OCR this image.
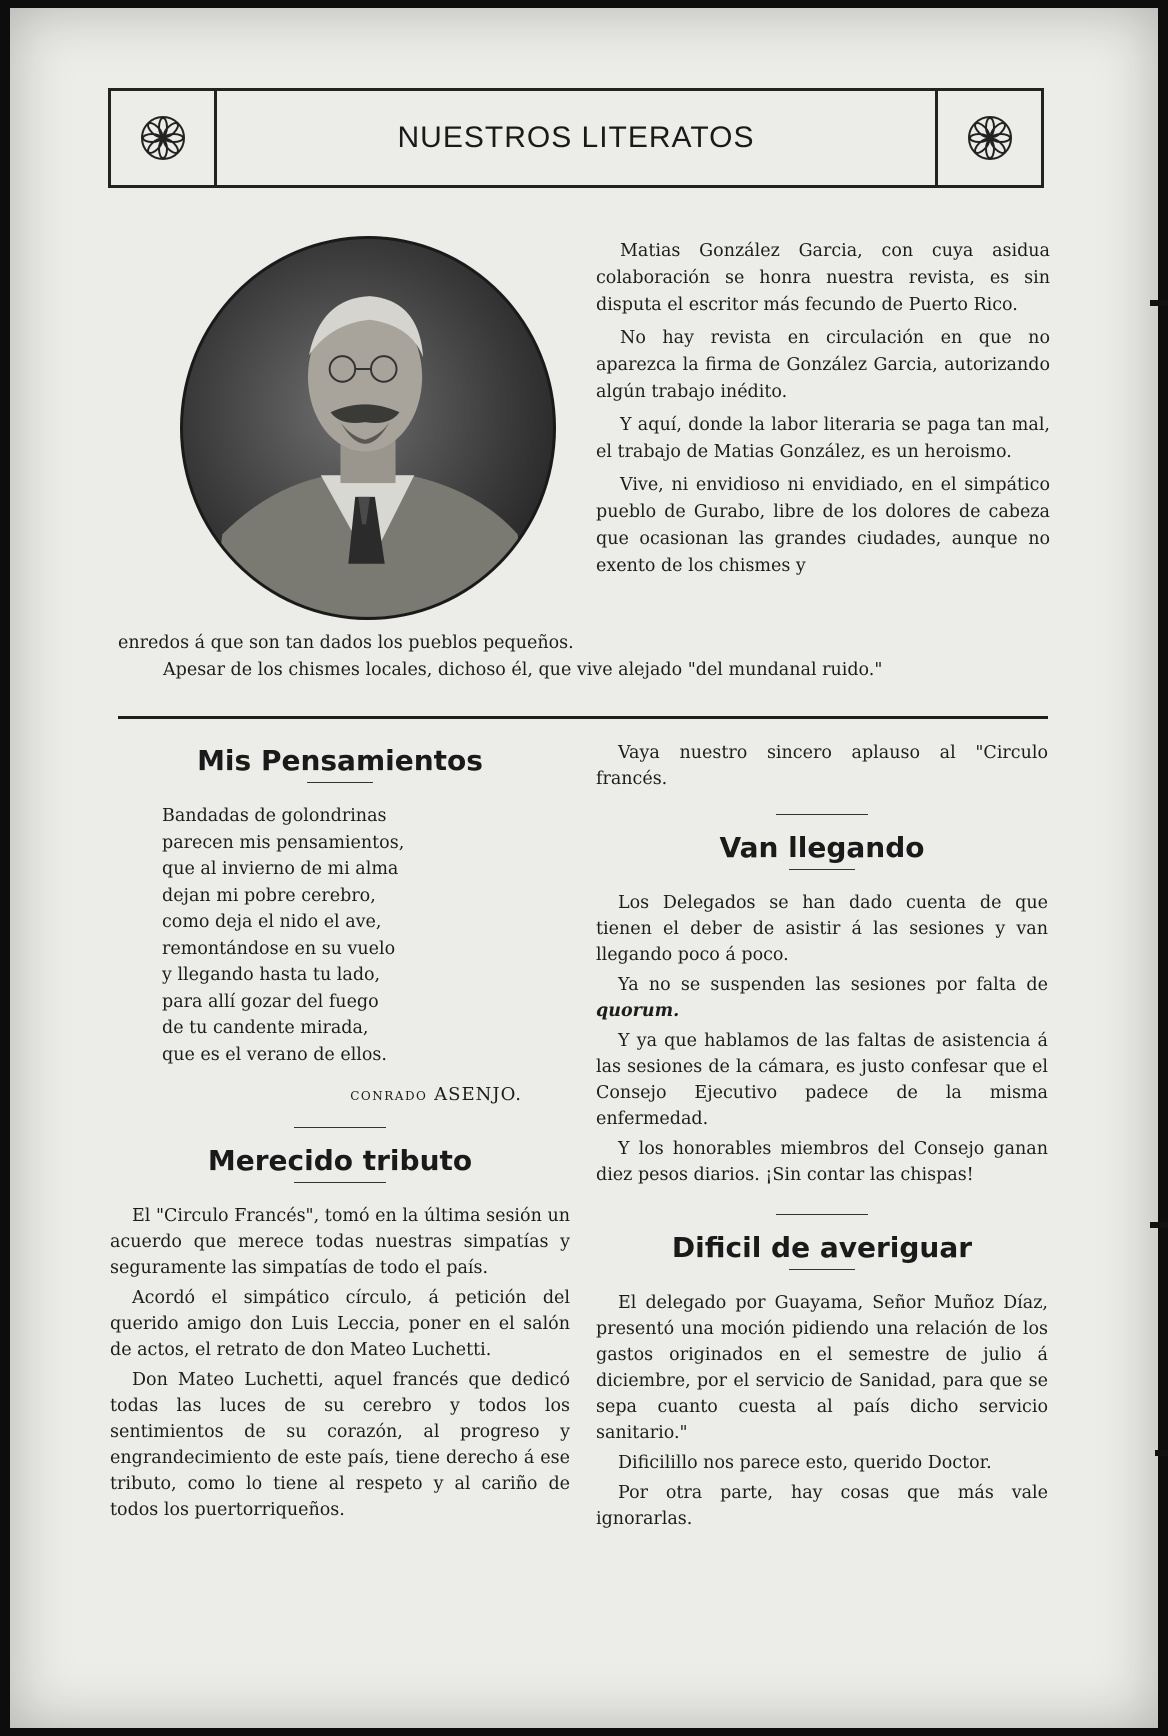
NUESTROS LITERATOS

Matias González Garcia, con cuya asidua colaboración se honra nuestra revista, es sin disputa el escritor más fecundo de Puerto Rico.

No hay revista en circulación en que no aparezca la firma de González Garcia, autorizando algún trabajo inédito.

Y aquí, donde la labor literaria se paga tan mal, el trabajo de Matias González, es un heroismo.

Vive, ni envidioso ni envidiado, en el simpático pueblo de Gurabo, libre de los dolores de cabeza que ocasionan las grandes ciudades, aunque no exento de los chismes y

enredos á que son tan dados los pueblos pequeños.

Apesar de los chismes locales, dichoso él, que vive alejado "del mundanal ruido."

Mis Pensamientos
Bandadas de golondrinas
parecen mis pensamientos,
que al invierno de mi alma
dejan mi pobre cerebro,
como deja el nido el ave,
remontándose en su vuelo
y llegando hasta tu lado,
para allí gozar del fuego
de tu candente mirada,
que es el verano de ellos.
CONRADO ASENJO.
Merecido tributo

El "Circulo Francés", tomó en la última sesión un acuerdo que merece todas nuestras simpatías y seguramente las simpatías de todo el país.

Acordó el simpático círculo, á petición del querido amigo don Luis Leccia, poner en el salón de actos, el retrato de don Mateo Luchetti.

Don Mateo Luchetti, aquel francés que dedicó todas las luces de su cerebro y todos los sentimientos de su corazón, al progreso y engrandecimiento de este país, tiene derecho á ese tributo, como lo tiene al respeto y al cariño de todos los puertorriqueños.

Vaya nuestro sincero aplauso al "Circulo francés.

Van llegando

Los Delegados se han dado cuenta de que tienen el deber de asistir á las sesiones y van llegando poco á poco.

Ya no se suspenden las sesiones por falta de quorum.

Y ya que hablamos de las faltas de asistencia á las sesiones de la cámara, es justo confesar que el Consejo Ejecutivo padece de la misma enfermedad.

Y los honorables miembros del Consejo ganan diez pesos diarios. ¡Sin contar las chispas!

Dificil de averiguar

El delegado por Guayama, Señor Muñoz Díaz, presentó una moción pidiendo una relación de los gastos originados en el semestre de julio á diciembre, por el servicio de Sanidad, para que se sepa cuanto cuesta al país dicho servicio sanitario."

Dificilillo nos parece esto, querido Doctor.

Por otra parte, hay cosas que más vale ignorarlas.
